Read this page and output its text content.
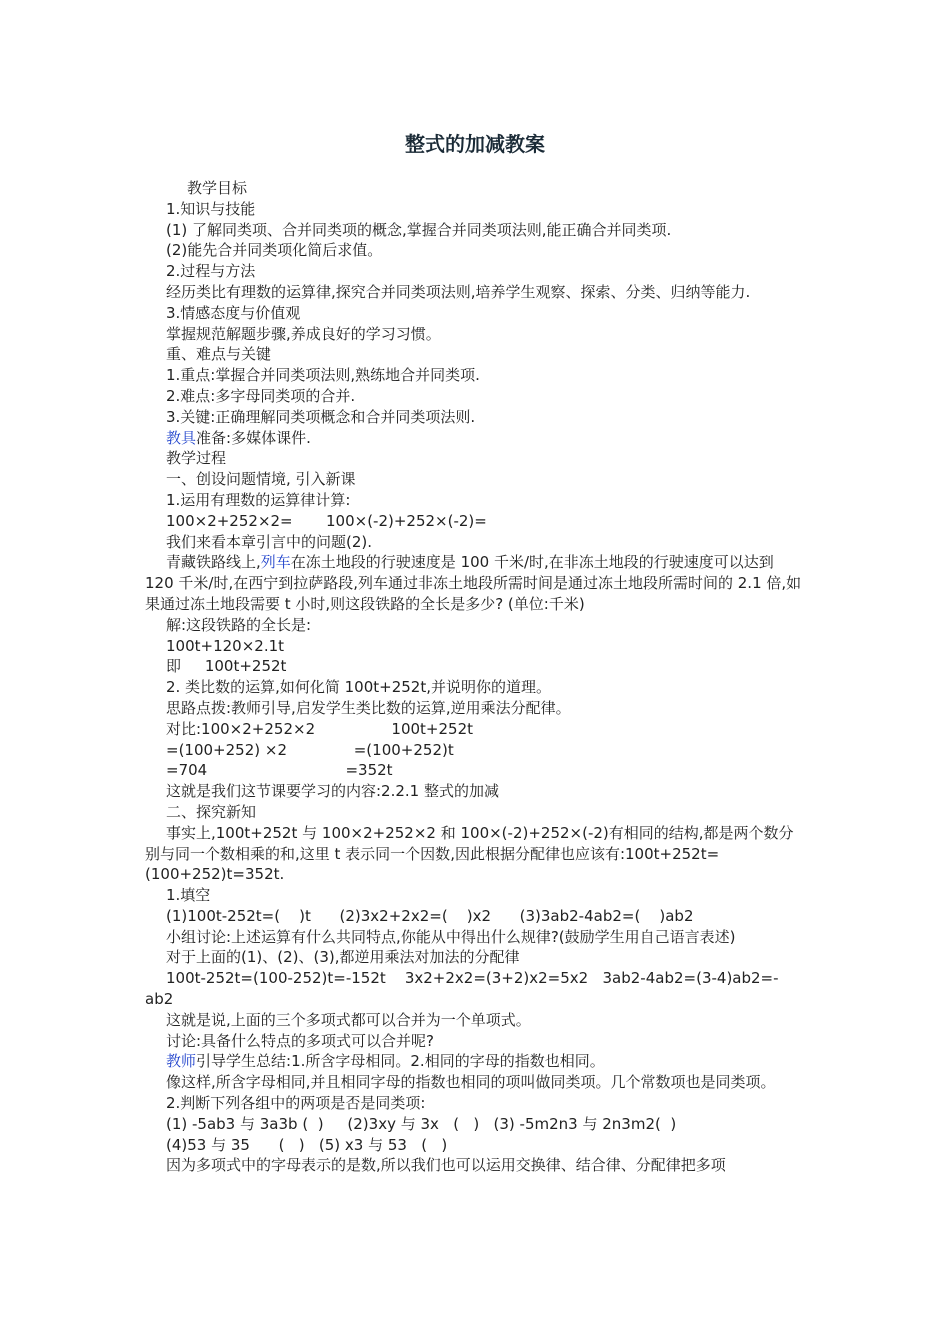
整式的加减教案

教学目标

1.知识与技能

(1) 了解同类项、合并同类项的概念,掌握合并同类项法则,能正确合并同类项.

(2)能先合并同类项化简后求值。

2.过程与方法

经历类比有理数的运算律,探究合并同类项法则,培养学生观察、探索、分类、归纳等能力.

3.情感态度与价值观

掌握规范解题步骤,养成良好的学习习惯。

重、难点与关键

1.重点:掌握合并同类项法则,熟练地合并同类项.

2.难点:多字母同类项的合并.

3.关键:正确理解同类项概念和合并同类项法则.

教具准备:多媒体课件.

教学过程

一、创设问题情境, 引入新课

1.运用有理数的运算律计算:

100×2+252×2=       100×(-2)+252×(-2)=

我们来看本章引言中的问题(2).

青藏铁路线上,列车在冻土地段的行驶速度是 100 千米/时,在非冻土地段的行驶速度可以达到 120 千米/时,在西宁到拉萨路段,列车通过非冻土地段所需时间是通过冻土地段所需时间的 2.1 倍,如果通过冻土地段需要 t 小时,则这段铁路的全长是多少? (单位:千米)

解:这段铁路的全长是:

100t+120×2.1t

即     100t+252t

2. 类比数的运算,如何化简 100t+252t,并说明你的道理。

思路点拨:教师引导,启发学生类比数的运算,逆用乘法分配律。

对比:100×2+252×2                100t+252t

=(100+252) ×2              =(100+252)t

=704                             =352t

这就是我们这节课要学习的内容:2.2.1 整式的加减

二、探究新知

事实上,100t+252t 与 100×2+252×2 和 100×(-2)+252×(-2)有相同的结构,都是两个数分别与同一个数相乘的和,这里 t 表示同一个因数,因此根据分配律也应该有:100t+252t=(100+252)t=352t.

1.填空

(1)100t-252t=(    )t      (2)3x2+2x2=(    )x2      (3)3ab2-4ab2=(    )ab2

小组讨论:上述运算有什么共同特点,你能从中得出什么规律?(鼓励学生用自己语言表述)

对于上面的(1)、(2)、(3),都逆用乘法对加法的分配律

100t-252t=(100-252)t=-152t    3x2+2x2=(3+2)x2=5x2   3ab2-4ab2=(3-4)ab2=-ab2

这就是说,上面的三个多项式都可以合并为一个单项式。

讨论:具备什么特点的多项式可以合并呢?

教师引导学生总结:1.所含字母相同。2.相同的字母的指数也相同。

像这样,所含字母相同,并且相同字母的指数也相同的项叫做同类项。几个常数项也是同类项。

2.判断下列各组中的两项是否是同类项:

(1) -5ab3 与 3a3b (  )     (2)3xy 与 3x   (   )   (3) -5m2n3 与 2n3m2(  )

(4)53 与 35      (   )   (5) x3 与 53   (   )

因为多项式中的字母表示的是数,所以我们也可以运用交换律、结合律、分配律把多项
